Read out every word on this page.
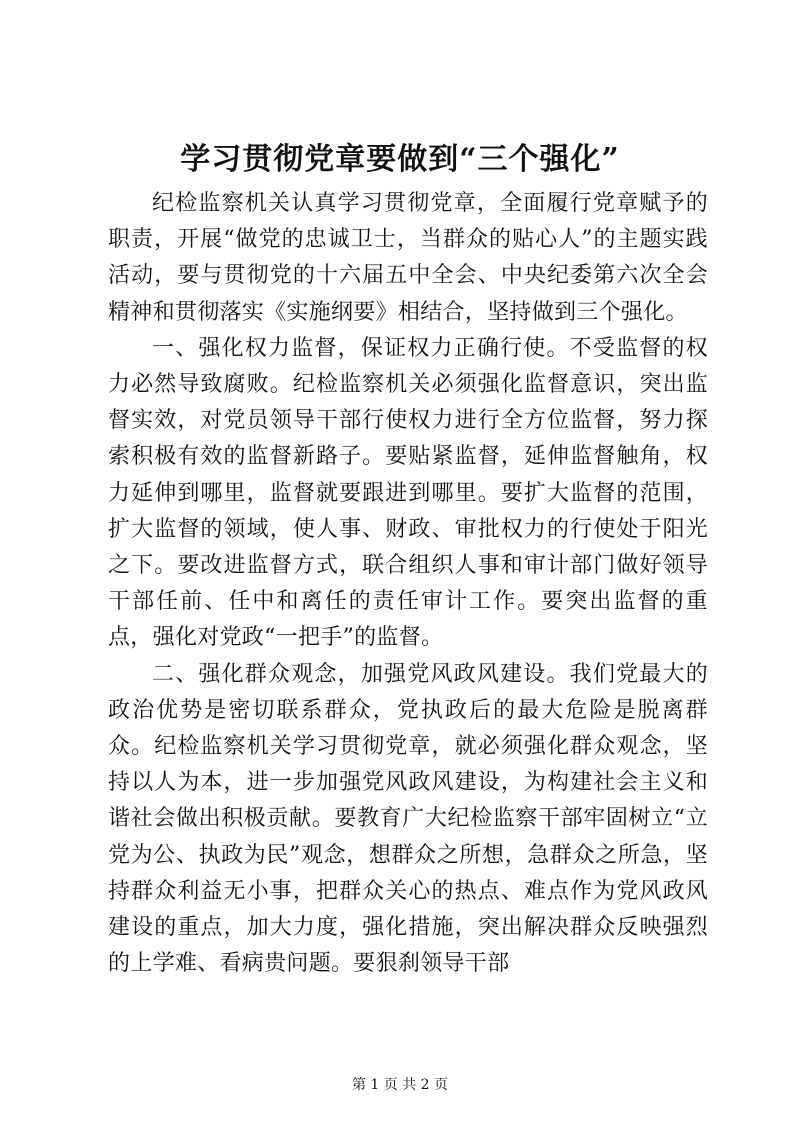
学习贯彻党章要做到“三个强化”

纪检监察机关认真学习贯彻党章，全面履行党章赋予的职责，开展“做党的忠诚卫士，当群众的贴心人”的主题实践活动，要与贯彻党的十六届五中全会、中央纪委第六次全会精神和贯彻落实《实施纲要》相结合，坚持做到三个强化。

一、强化权力监督，保证权力正确行使。不受监督的权力必然导致腐败。纪检监察机关必须强化监督意识，突出监督实效，对党员领导干部行使权力进行全方位监督，努力探索积极有效的监督新路子。要贴紧监督，延伸监督触角，权力延伸到哪里，监督就要跟进到哪里。要扩大监督的范围，扩大监督的领域，使人事、财政、审批权力的行使处于阳光之下。要改进监督方式，联合组织人事和审计部门做好领导干部任前、任中和离任的责任审计工作。要突出监督的重点，强化对党政“一把手”的监督。

二、强化群众观念，加强党风政风建设。我们党最大的政治优势是密切联系群众，党执政后的最大危险是脱离群众。纪检监察机关学习贯彻党章，就必须强化群众观念，坚持以人为本，进一步加强党风政风建设，为构建社会主义和谐社会做出积极贡献。要教育广大纪检监察干部牢固树立“立党为公、执政为民”观念，想群众之所想，急群众之所急，坚持群众利益无小事，把群众关心的热点、难点作为党风政风建设的重点，加大力度，强化措施，突出解决群众反映强烈的上学难、看病贵问题。要狠刹领导干部

第 1 页 共 2 页
